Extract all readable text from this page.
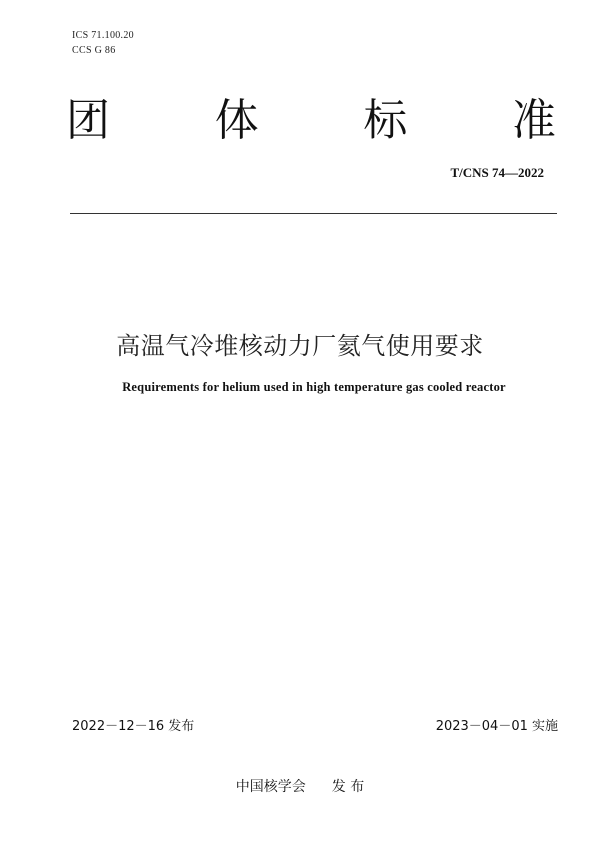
ICS 71.100.20
CCS G 86
团 体 标 准
T/CNS 74—2022
高温气冷堆核动力厂氦气使用要求
Requirements for helium used in high temperature gas cooled reactor
2022－12－16 发布	2023－04－01 实施
中国核学会 发 布
